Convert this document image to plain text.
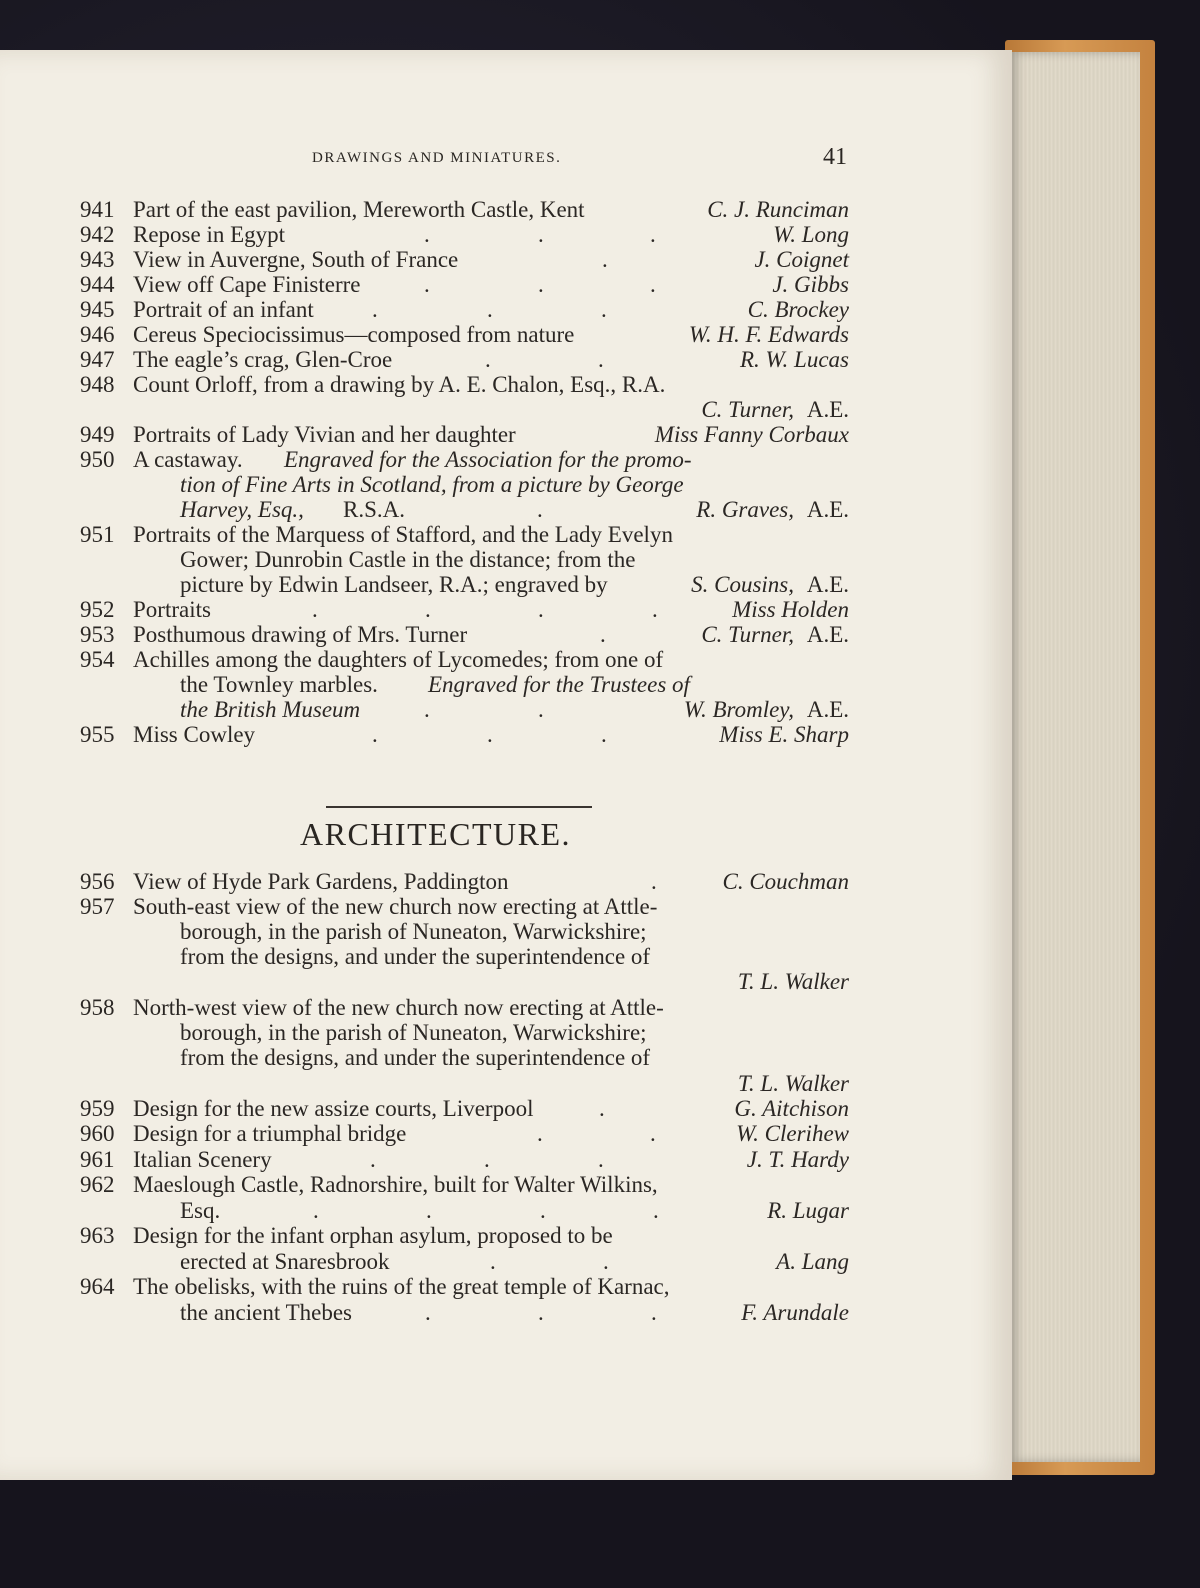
DRAWINGS AND MINIATURES.	41
941 Part of the east pavilion, Mereworth Castle, Kent	C. J. Runciman
942 Repose in Egypt	.	.	.	W. Long
943 View in Auvergne, South of France	.	J. Coignet
944 View off Cape Finisterre	.	.	.	J. Gibbs
945 Portrait of an infant	.	.	.	C. Brockey
946 Cereus Speciocissimus—composed from nature	W. H. F. Edwards
947 The eagle’s crag, Glen-Croe	.	.	R. W. Lucas
948 Count Orloff, from a drawing by A. E. Chalon, Esq., R.A.
C. Turner, A.E.
949 Portraits of Lady Vivian and her daughter	Miss Fanny Corbaux
950 A castaway. Engraved for the Association for the promo-
tion of Fine Arts in Scotland, from a picture by George
Harvey, Esq., R.S.A.	.	R. Graves, A.E.
951 Portraits of the Marquess of Stafford, and the Lady Evelyn
Gower; Dunrobin Castle in the distance; from the
picture by Edwin Landseer, R.A.; engraved by	S. Cousins, A.E.
952 Portraits	.	.	.	.	Miss Holden
953 Posthumous drawing of Mrs. Turner	.	C. Turner, A.E.
954 Achilles among the daughters of Lycomedes; from one of
the Townley marbles. Engraved for the Trustees of
the British Museum	.	.	W. Bromley, A.E.
955 Miss Cowley	.	.	.	Miss E. Sharp
ARCHITECTURE.
956 View of Hyde Park Gardens, Paddington	.	C. Couchman
957 South-east view of the new church now erecting at Attle-
borough, in the parish of Nuneaton, Warwickshire;
from the designs, and under the superintendence of
T. L. Walker
958 North-west view of the new church now erecting at Attle-
borough, in the parish of Nuneaton, Warwickshire;
from the designs, and under the superintendence of
T. L. Walker
959 Design for the new assize courts, Liverpool	.	G. Aitchison
960 Design for a triumphal bridge	.	.	W. Clerihew
961 Italian Scenery	.	.	.	J. T. Hardy
962 Maeslough Castle, Radnorshire, built for Walter Wilkins,
Esq.	.	.	.	.	R. Lugar
963 Design for the infant orphan asylum, proposed to be
erected at Snaresbrook	.	.	A. Lang
964 The obelisks, with the ruins of the great temple of Karnac,
the ancient Thebes	.	.	.	F. Arundale
